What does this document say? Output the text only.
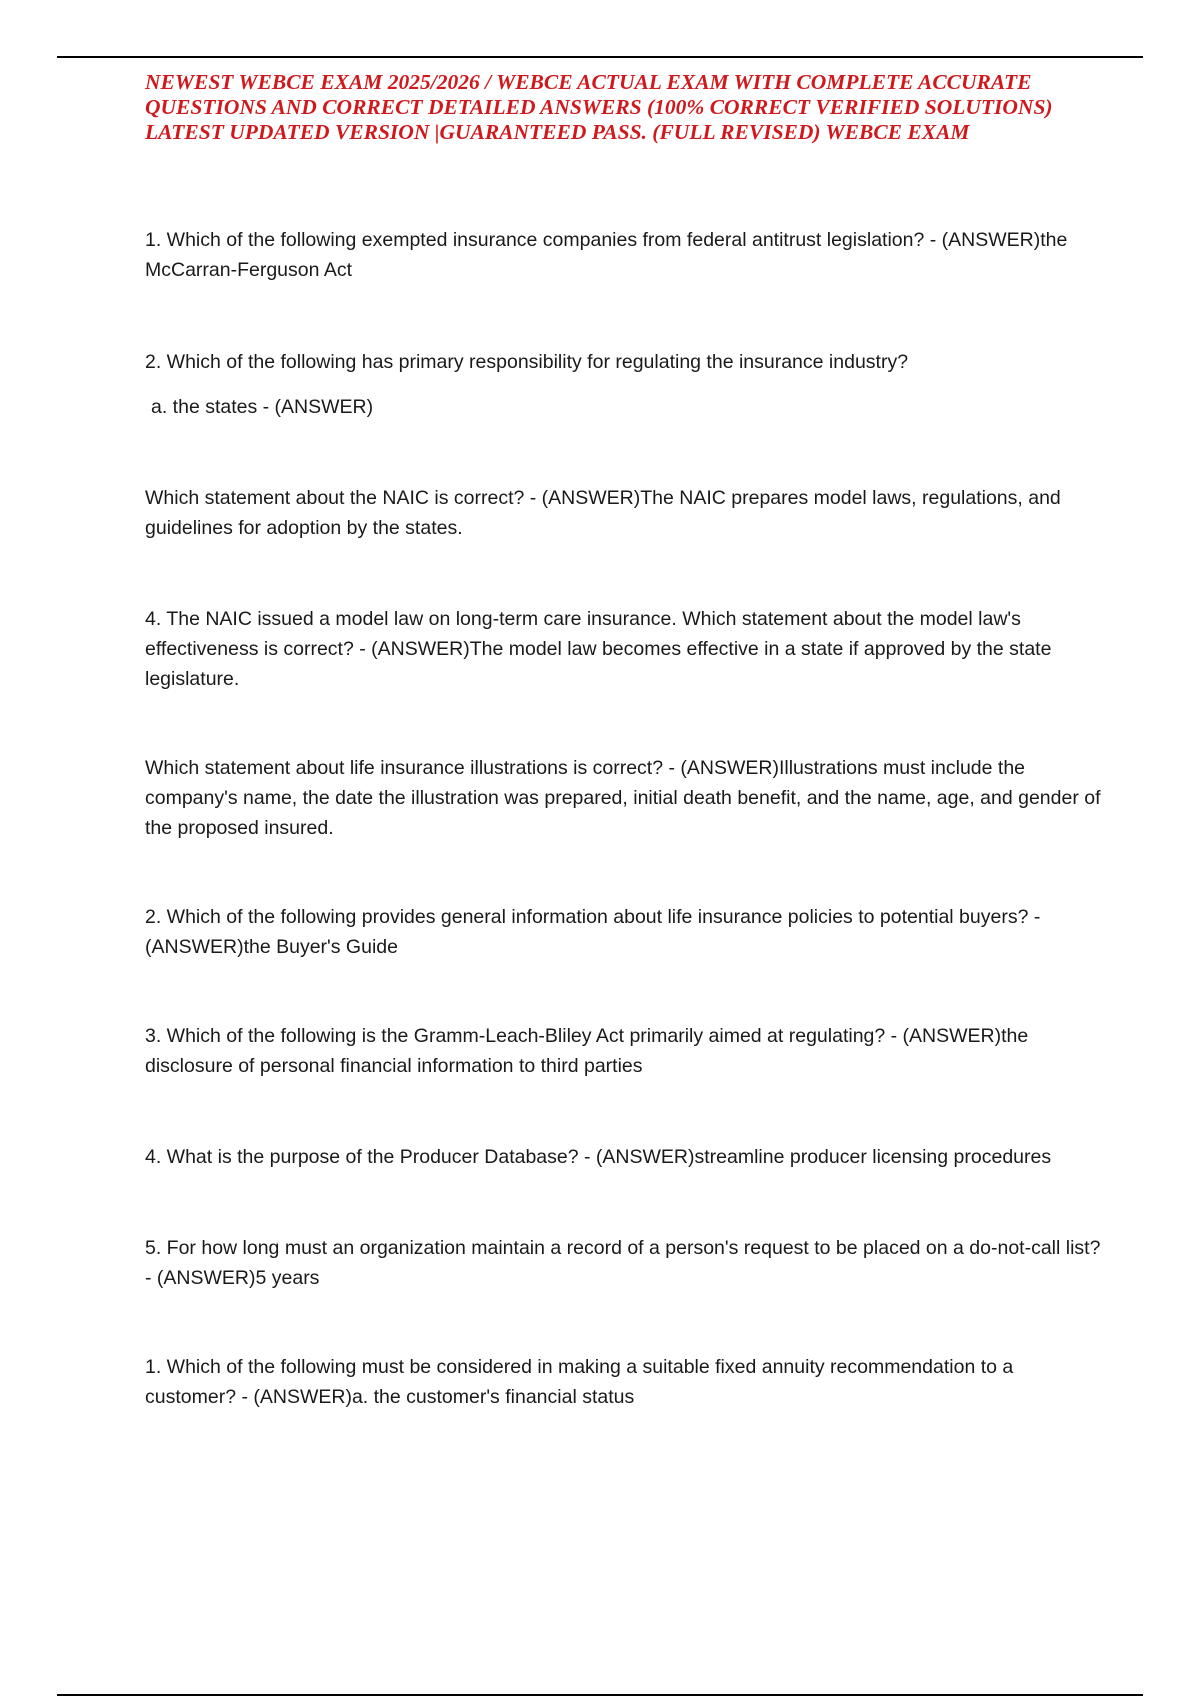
NEWEST WEBCE EXAM 2025/2026 / WEBCE ACTUAL EXAM WITH COMPLETE ACCURATE QUESTIONS AND CORRECT DETAILED ANSWERS (100% CORRECT VERIFIED SOLUTIONS) LATEST UPDATED VERSION |GUARANTEED PASS. (FULL REVISED) WEBCE EXAM

1. Which of the following exempted insurance companies from federal antitrust legislation? - (ANSWER)the McCarran-Ferguson Act

2. Which of the following has primary responsibility for regulating the insurance industry?

a. the states - (ANSWER)

Which statement about the NAIC is correct? - (ANSWER)The NAIC prepares model laws, regulations, and guidelines for adoption by the states.

4. The NAIC issued a model law on long-term care insurance. Which statement about the model law's effectiveness is correct? - (ANSWER)The model law becomes effective in a state if approved by the state legislature.

Which statement about life insurance illustrations is correct? - (ANSWER)Illustrations must include the company's name, the date the illustration was prepared, initial death benefit, and the name, age, and gender of the proposed insured.

2. Which of the following provides general information about life insurance policies to potential buyers? - (ANSWER)the Buyer's Guide

3. Which of the following is the Gramm-Leach-Bliley Act primarily aimed at regulating? - (ANSWER)the disclosure of personal financial information to third parties

4. What is the purpose of the Producer Database? - (ANSWER)streamline producer licensing procedures

5. For how long must an organization maintain a record of a person's request to be placed on a do-not-call list? - (ANSWER)5 years

1. Which of the following must be considered in making a suitable fixed annuity recommendation to a customer? - (ANSWER)a. the customer's financial status
